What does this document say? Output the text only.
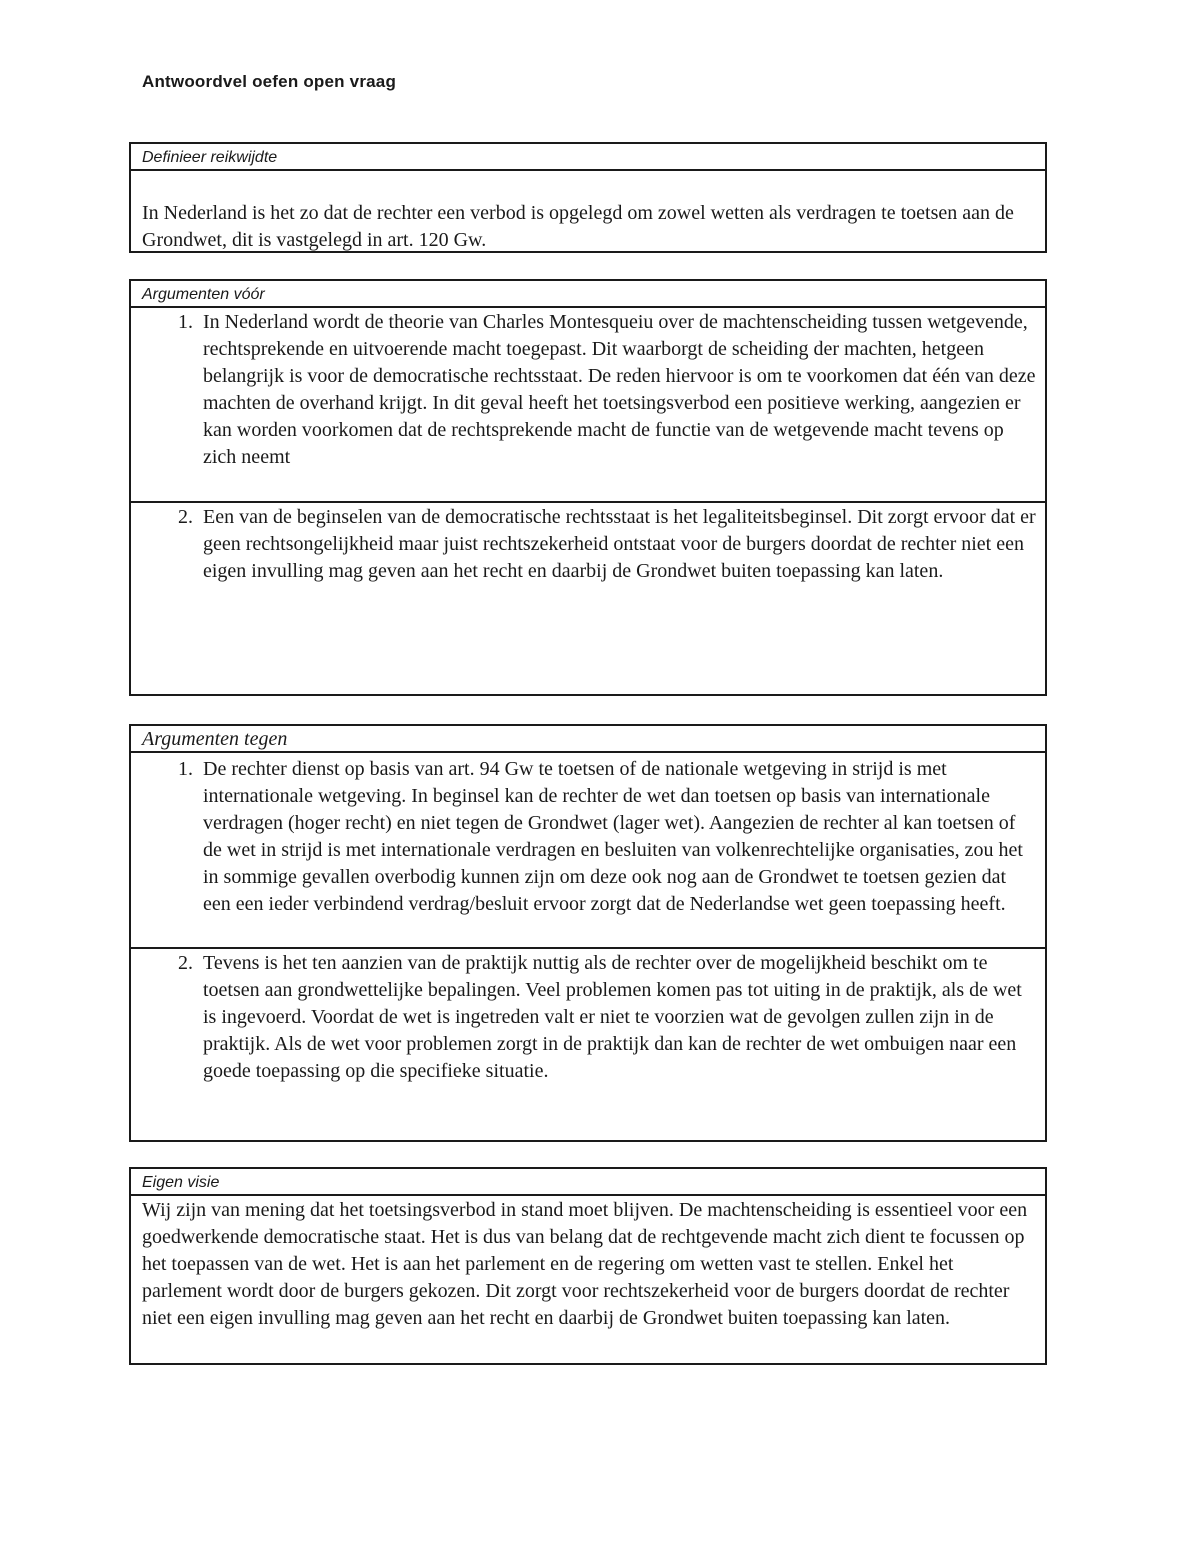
Antwoordvel oefen open vraag
Definieer reikwijdte
In Nederland is het zo dat de rechter een verbod is opgelegd om zowel wetten als verdragen te toetsen aan de Grondwet, dit is vastgelegd in art. 120 Gw.
Argumenten vóór
1. In Nederland wordt de theorie van Charles Montesqueiu over de machtenscheiding tussen wetgevende, rechtsprekende en uitvoerende macht toegepast. Dit waarborgt de scheiding der machten, hetgeen belangrijk is voor de democratische rechtsstaat. De reden hiervoor is om te voorkomen dat één van deze machten de overhand krijgt. In dit geval heeft het toetsingsverbod een positieve werking, aangezien er kan worden voorkomen dat de rechtsprekende macht de functie van de wetgevende macht tevens op zich neemt
2. Een van de beginselen van de democratische rechtsstaat is het legaliteitsbeginsel. Dit zorgt ervoor dat er geen rechtsongelijkheid maar juist rechtszekerheid ontstaat voor de burgers doordat de rechter niet een eigen invulling mag geven aan het recht en daarbij de Grondwet buiten toepassing kan laten.
Argumenten tegen
1. De rechter dienst op basis van art. 94 Gw te toetsen of de nationale wetgeving in strijd is met internationale wetgeving. In beginsel kan de rechter de wet dan toetsen op basis van internationale verdragen (hoger recht) en niet tegen de Grondwet (lager wet). Aangezien de rechter al kan toetsen of de wet in strijd is met internationale verdragen en besluiten van volkenrechtelijke organisaties, zou het in sommige gevallen overbodig kunnen zijn om deze ook nog aan de Grondwet te toetsen gezien dat een een ieder verbindend verdrag/besluit ervoor zorgt dat de Nederlandse wet geen toepassing heeft.
2. Tevens is het ten aanzien van de praktijk nuttig als de rechter over de mogelijkheid beschikt om te toetsen aan grondwettelijke bepalingen. Veel problemen komen pas tot uiting in de praktijk, als de wet is ingevoerd. Voordat de wet is ingetreden valt er niet te voorzien wat de gevolgen zullen zijn in de praktijk. Als de wet voor problemen zorgt in de praktijk dan kan de rechter de wet ombuigen naar een goede toepassing op die specifieke situatie.
Eigen visie
Wij zijn van mening dat het toetsingsverbod in stand moet blijven. De machtenscheiding is essentieel voor een goedwerkende democratische staat. Het is dus van belang dat de rechtgevende macht zich dient te focussen op het toepassen van de wet. Het is aan het parlement en de regering om wetten vast te stellen. Enkel het parlement wordt door de burgers gekozen. Dit zorgt voor rechtszekerheid voor de burgers doordat de rechter niet een eigen invulling mag geven aan het recht en daarbij de Grondwet buiten toepassing kan laten.
